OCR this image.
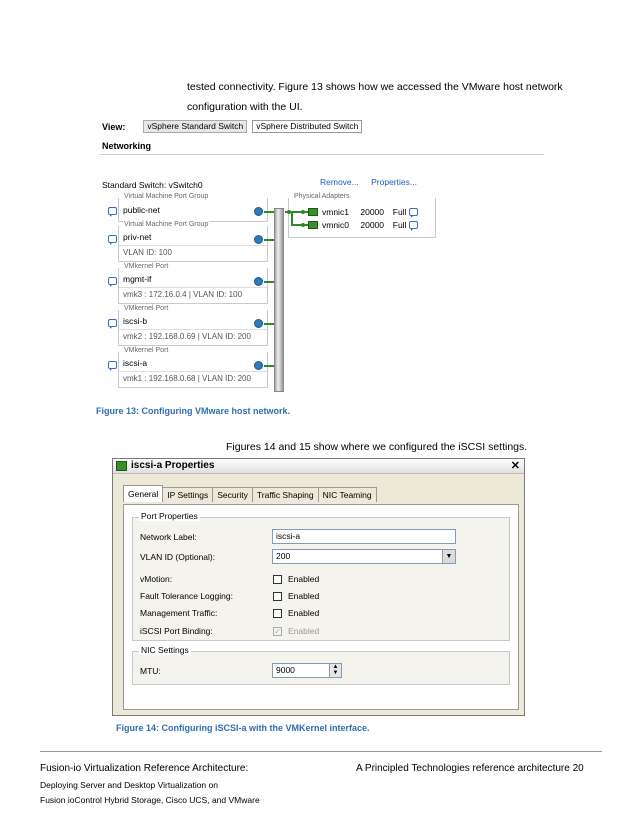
tested connectivity. Figure 13 shows how we accessed the VMware host network
configuration with the UI.
View:	vSphere Standard Switch	vSphere Distributed Switch
Networking
Standard Switch: vSwitch0	Remove... Properties...
Virtual Machine Port Group
public-net
Virtual Machine Port Group
priv-net
VLAN ID: 100
VMkernel Port
mgmt-if
vmk3 : 172.16.0.4 | VLAN ID: 100
VMkernel Port
iscsi-b
vmk2 : 192.168.0.69 | VLAN ID: 200
VMkernel Port
iscsi-a
vmk1 : 192.168.0.68 | VLAN ID: 200
Physical Adapters
vmnic1 20000 Full
vmnic0 20000 Full
Figure 13: Configuring VMware host network.
Figures 14 and 15 show where we configured the iSCSI settings.
iscsi-a Properties	✕
General	IP Settings	Security	Traffic Shaping	NIC Teaming
Port Properties
Network Label:	iscsi-a
VLAN ID (Optional):	200	▼
vMotion:	Enabled
Fault Tolerance Logging:	Enabled
Management Traffic:	Enabled
iSCSI Port Binding:	✓ Enabled
NIC Settings
MTU:	9000	▲
▼
Figure 14: Configuring iSCSI-a with the VMKernel interface.
Fusion-io Virtualization Reference Architecture:
Deploying Server and Desktop Virtualization on
Fusion ioControl Hybrid Storage, Cisco UCS, and VMware
A Principled Technologies reference architecture 20
